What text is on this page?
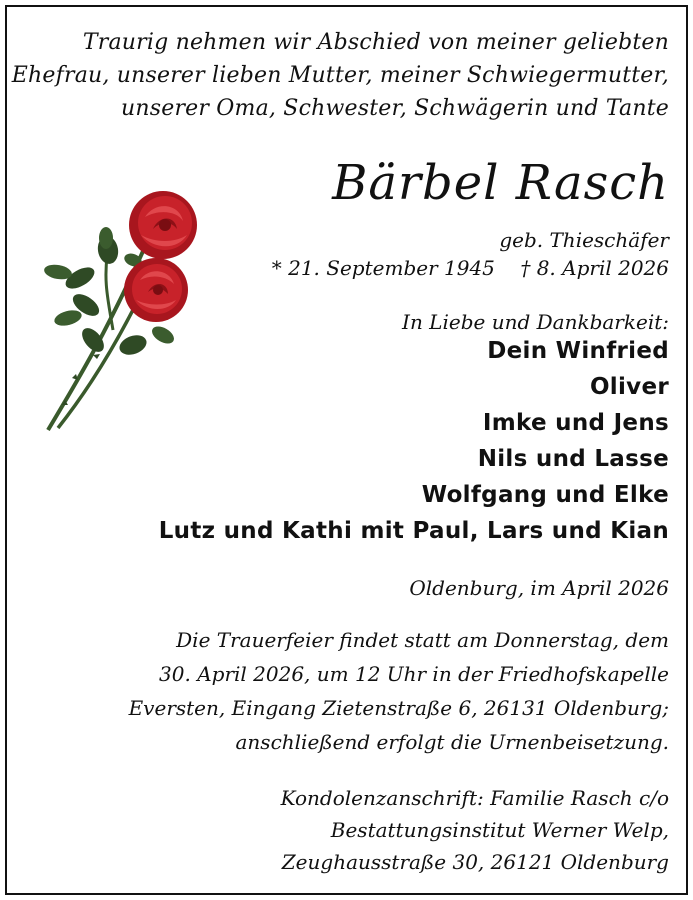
Traurig nehmen wir Abschied von meiner geliebten
Ehefrau, unserer lieben Mutter, meiner Schwiegermutter,
unserer Oma, Schwester, Schwägerin und Tante
Bärbel Rasch
geb. Thieschäfer
* 21. September 1945    † 8. April 2026
In Liebe und Dankbarkeit:
Dein Winfried
Oliver
Imke und Jens
Nils und Lasse
Wolfgang und Elke
Lutz und Kathi mit Paul, Lars und Kian
Oldenburg, im April 2026
Die Trauerfeier findet statt am Donnerstag, dem
30. April 2026, um 12 Uhr in der Friedhofskapelle
Eversten, Eingang Zietenstraße 6, 26131 Oldenburg;
anschließend erfolgt die Urnenbeisetzung.
Kondolenzanschrift: Familie Rasch c/o
Bestattungsinstitut Werner Welp,
Zeughausstraße 30, 26121 Oldenburg
